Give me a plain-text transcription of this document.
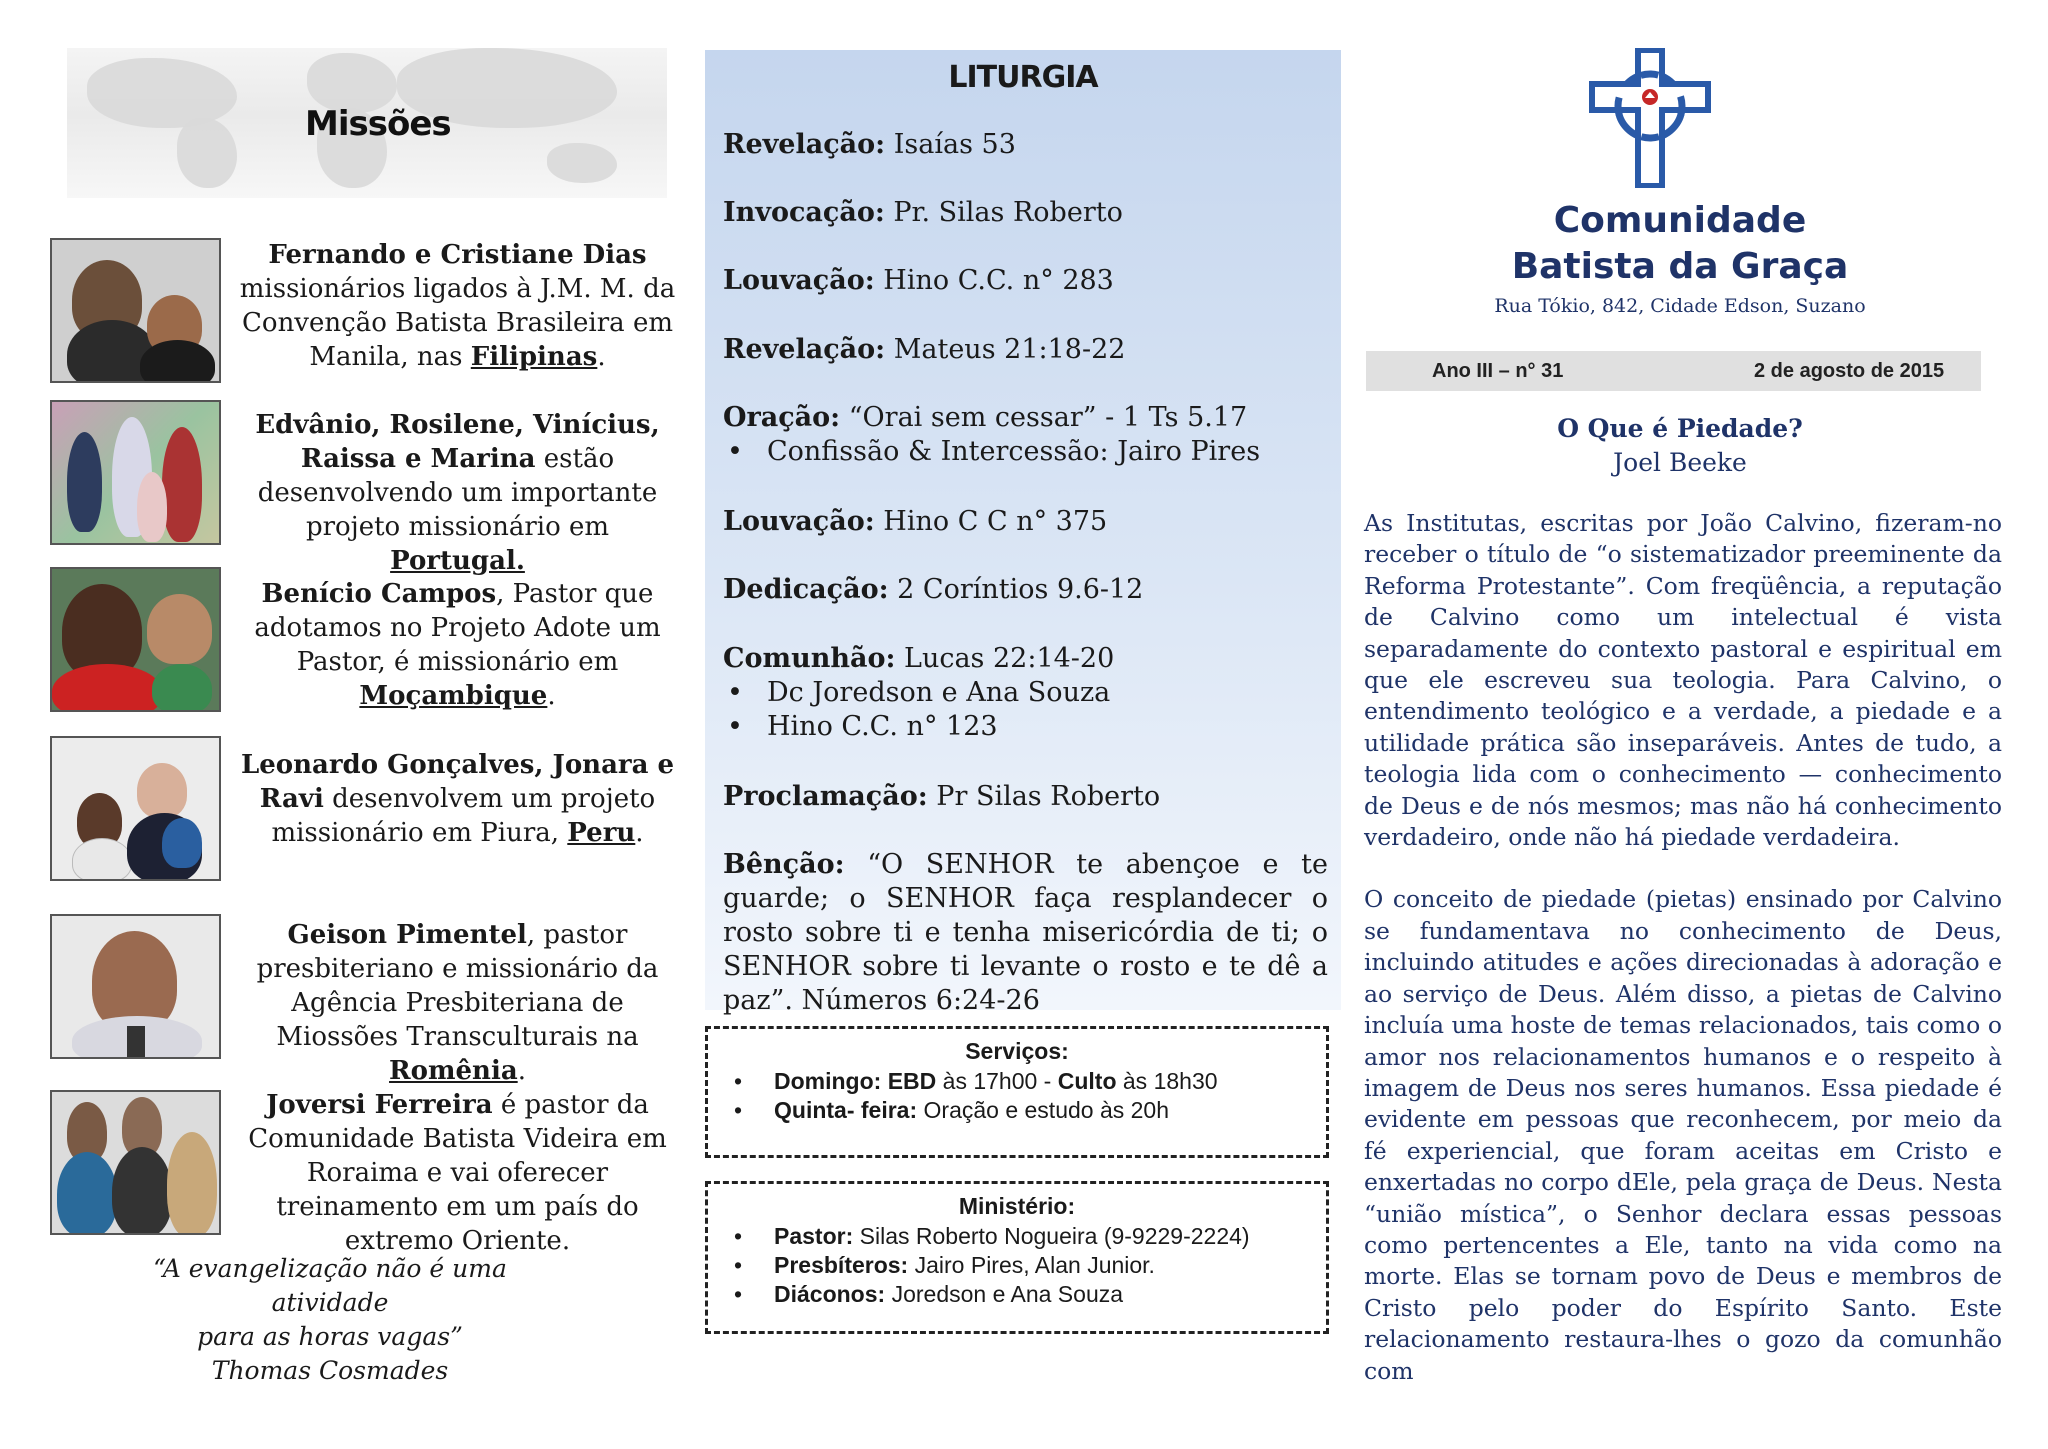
Missões
Fernando e Cristiane Dias missionários ligados à J.M. M. da Convenção Batista Brasileira em Manila, nas Filipinas.
Edvânio, Rosilene, Vinícius, Raissa e Marina estão desenvolvendo um importante projeto missionário em Portugal.
Benício Campos, Pastor que adotamos no Projeto Adote um Pastor, é missionário em Moçambique.
Leonardo Gonçalves, Jonara e Ravi desenvolvem um projeto missionário em Piura, Peru.
Geison Pimentel, pastor presbiteriano e missionário da Agência Presbiteriana de Miossões Transculturais na Romênia.
Joversi Ferreira é pastor da Comunidade Batista Videira em Roraima e vai oferecer treinamento em um país do extremo Oriente.
“A evangelização não é uma atividade
para as horas vagas”
Thomas Cosmades
LITURGIA
Revelação: Isaías 53
Invocação: Pr. Silas Roberto
Louvação: Hino C.C. n° 283
Revelação: Mateus 21:18-22
Oração: “Orai sem cessar” - 1 Ts 5.17
• Confissão & Intercessão: Jairo Pires
Louvação: Hino C C n° 375
Dedicação: 2 Coríntios 9.6-12
Comunhão: Lucas 22:14-20
• Dc Joredson e Ana Souza
• Hino C.C. n° 123
Proclamação: Pr Silas Roberto
Bênção: “O SENHOR te abençoe e te guarde; o SENHOR faça resplandecer o rosto sobre ti e tenha misericórdia de ti; o SENHOR sobre ti levante o rosto e te dê a paz”. Números 6:24-26
Serviços:
• Domingo: EBD às 17h00 - Culto às 18h30
• Quinta- feira: Oração e estudo às 20h
Ministério:
• Pastor: Silas Roberto Nogueira (9-9229-2224)
• Presbíteros: Jairo Pires, Alan Junior.
• Diáconos: Joredson e Ana Souza
Comunidade
Batista da Graça
Rua Tókio, 842, Cidade Edson, Suzano
Ano III – n° 31	2 de agosto de 2015
O Que é Piedade?
Joel Beeke

As Institutas, escritas por João Calvino, fizeram-no receber o título de “o sistematizador preeminente da Reforma Protestante”. Com freqüência, a reputação de Calvino como um intelectual é vista separadamente do contexto pastoral e espiritual em que ele escreveu sua teologia. Para Calvino, o entendimento teológico e a verdade, a piedade e a utilidade prática são inseparáveis. Antes de tudo, a teologia lida com o conhecimento — conhecimento de Deus e de nós mesmos; mas não há conhecimento verdadeiro, onde não há piedade verdadeira.

O conceito de piedade (pietas) ensinado por Calvino se fundamentava no conhecimento de Deus, incluindo atitudes e ações direcionadas à adoração e ao serviço de Deus. Além disso, a pietas de Calvino incluía uma hoste de temas relacionados, tais como o amor nos relacionamentos humanos e o respeito à imagem de Deus nos seres humanos. Essa piedade é evidente em pessoas que reconhecem, por meio da fé experiencial, que foram aceitas em Cristo e enxertadas no corpo dEle, pela graça de Deus. Nesta “união mística”, o Senhor declara essas pessoas como pertencentes a Ele, tanto na vida como na morte. Elas se tornam povo de Deus e membros de Cristo pelo poder do Espírito Santo. Este relacionamento restaura-lhes o gozo da comunhão com
